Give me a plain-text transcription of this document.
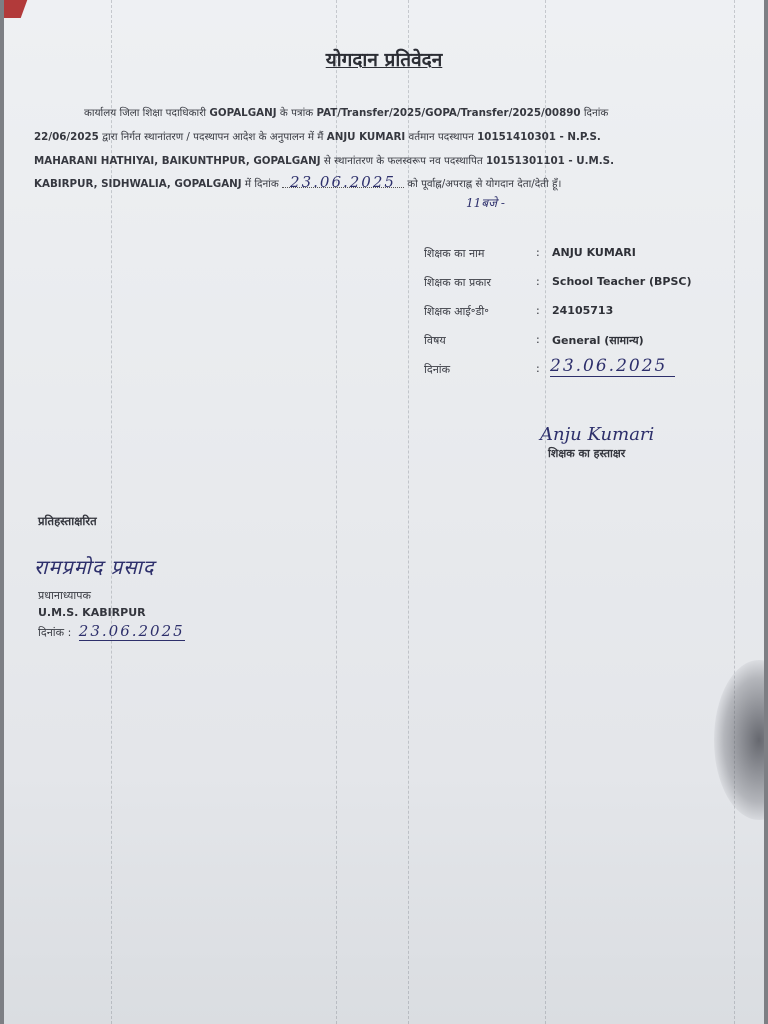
योगदान प्रतिवेदन
कार्यालय जिला शिक्षा पदाधिकारी GOPALGANJ के पत्रांक PAT/Transfer/2025/GOPA/Transfer/2025/00890 दिनांक
22/06/2025 द्वारा निर्गत स्थानांतरण / पदस्थापन आदेश के अनुपालन में मैं ANJU KUMARI वर्तमान पदस्थापन 10151410301 - N.P.S.
MAHARANI HATHIYAI, BAIKUNTHPUR, GOPALGANJ से स्थानांतरण के फलस्वरूप नव पदस्थापित 10151301101 - U.M.S.
KABIRPUR, SIDHWALIA, GOPALGANJ में दिनांक 23.06.2025 को पूर्वाह्न/अपराह्न से योगदान देता/देती हूँ।
11बजे -
शिक्षक का नाम	: ANJU KUMARI
शिक्षक का प्रकार	: School Teacher (BPSC)
शिक्षक आई॰डी॰	: 24105713
विषय	: General (सामान्य)
दिनांक	: 23.06.2025
Anju Kumari
शिक्षक का हस्ताक्षर
प्रतिहस्ताक्षरित
रामप्रमोद प्रसाद
प्रधानाध्यापक
U.M.S. KABIRPUR
दिनांक : 23.06.2025
